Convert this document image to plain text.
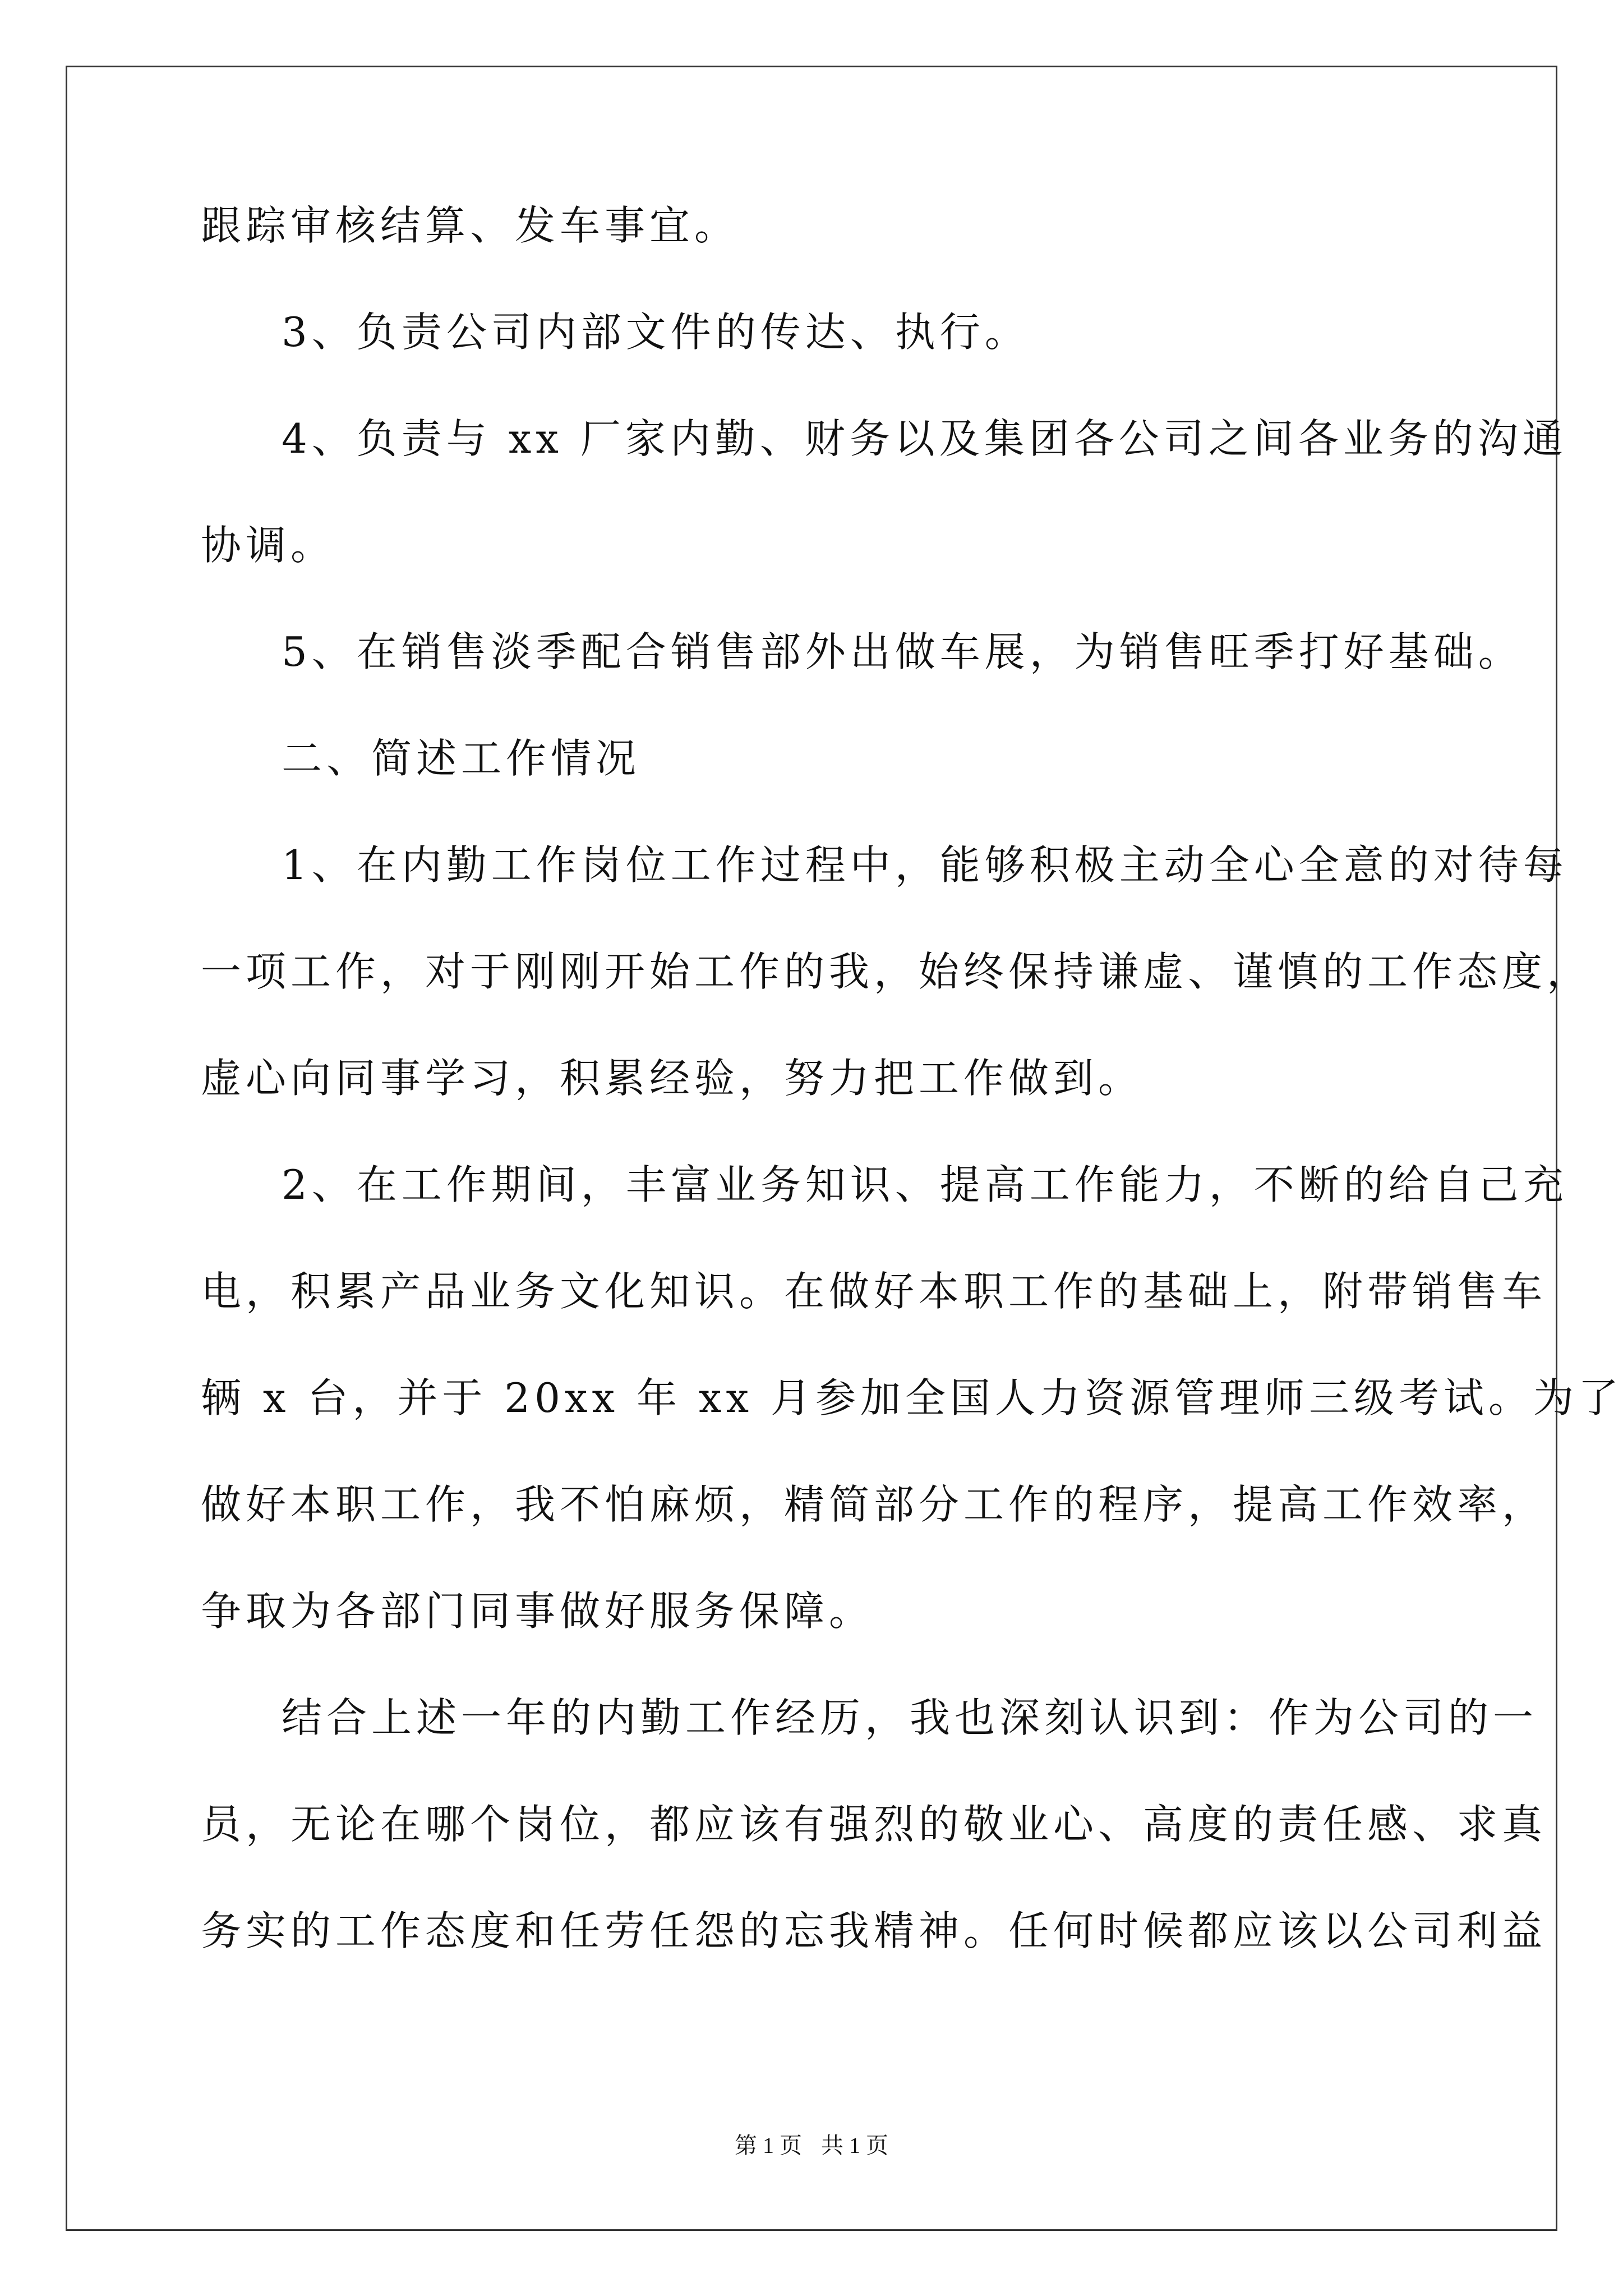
跟踪审核结算、发车事宜。
3、负责公司内部文件的传达、执行。
4、负责与 xx 厂家内勤、财务以及集团各公司之间各业务的沟通
协调。
5、在销售淡季配合销售部外出做车展，为销售旺季打好基础。
二、简述工作情况
1、在内勤工作岗位工作过程中，能够积极主动全心全意的对待每
一项工作，对于刚刚开始工作的我，始终保持谦虚、谨慎的工作态度，
虚心向同事学习，积累经验，努力把工作做到。
2、在工作期间，丰富业务知识、提高工作能力，不断的给自己充
电，积累产品业务文化知识。在做好本职工作的基础上，附带销售车
辆 x 台，并于 20xx 年 xx 月参加全国人力资源管理师三级考试。为了
做好本职工作，我不怕麻烦，精简部分工作的程序，提高工作效率，
争取为各部门同事做好服务保障。
结合上述一年的内勤工作经历，我也深刻认识到：作为公司的一
员，无论在哪个岗位，都应该有强烈的敬业心、高度的责任感、求真
务实的工作态度和任劳任怨的忘我精神。任何时候都应该以公司利益
第 1 页 共 1 页
